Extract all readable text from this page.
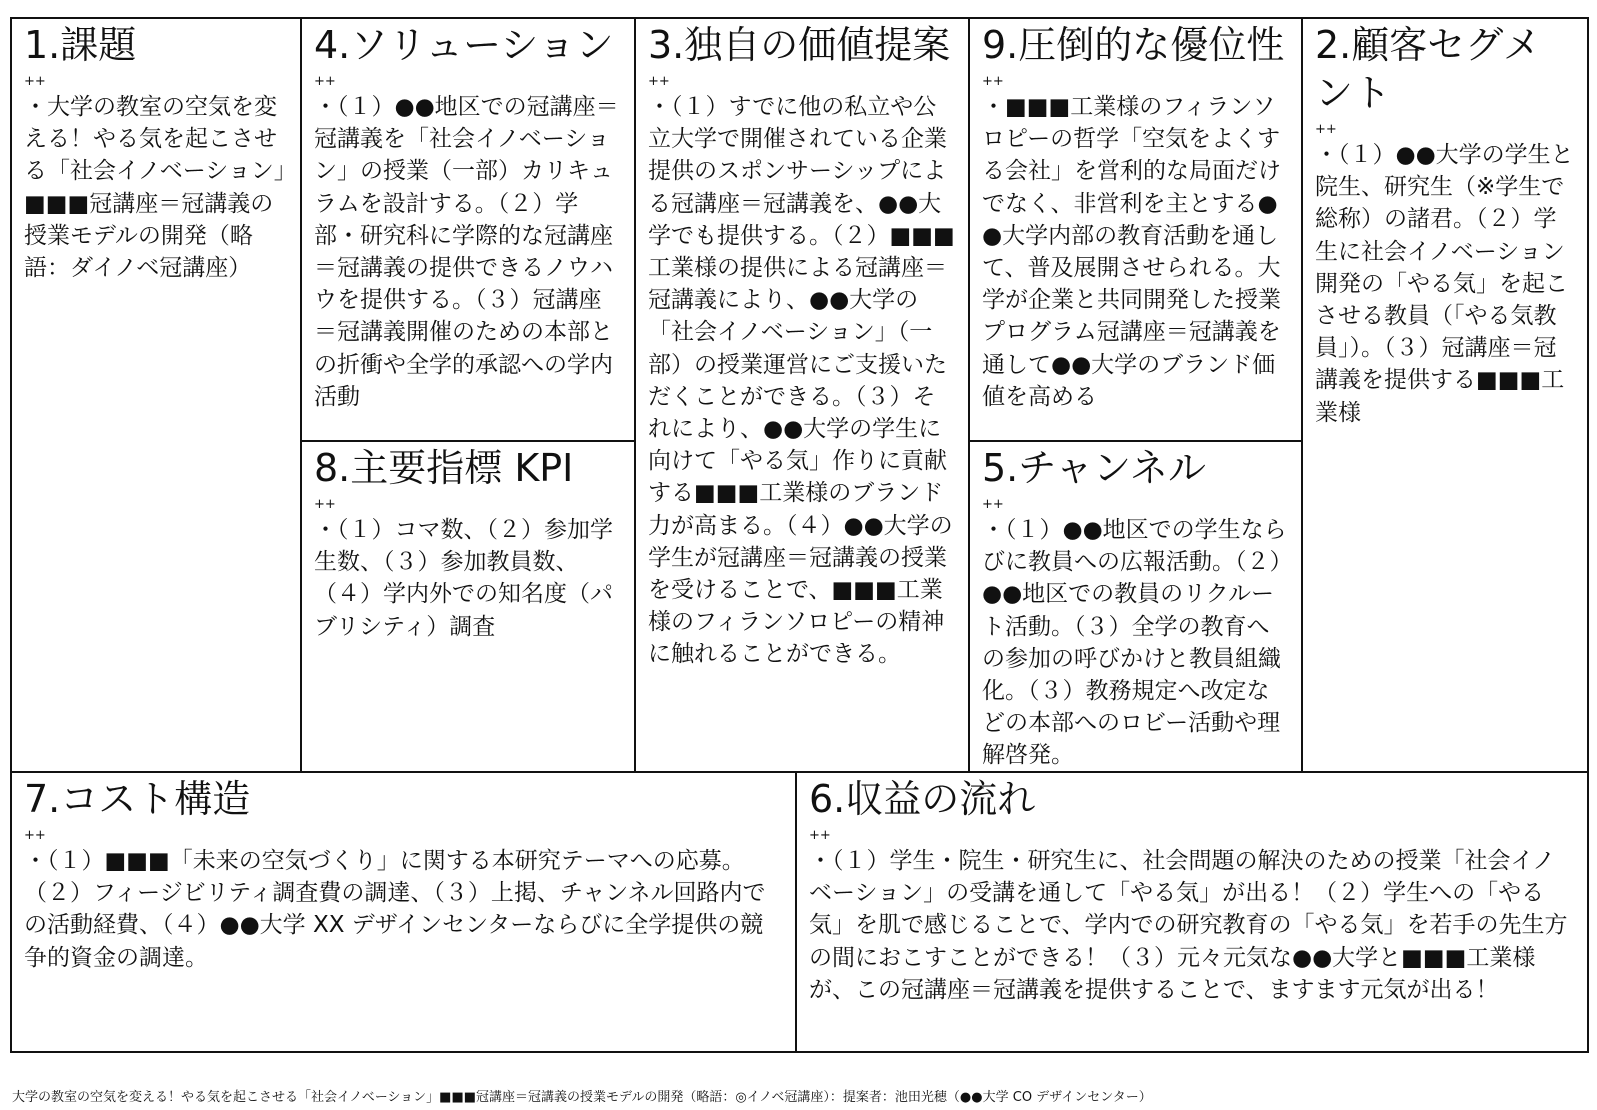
1.課題
++
・大学の教室の空気を変える！やる気を起こさせる「社会イノベーション」■■■冠講座＝冠講義の授業モデルの開発（略語：ダイノベ冠講座）
4.ソリューション
++
・（１）●●地区での冠講座＝冠講義を「社会イノベーション」の授業（一部）カリキュラムを設計する。（２）学部・研究科に学際的な冠講座＝冠講義の提供できるノウハウを提供する。（３）冠講座＝冠講義開催のための本部との折衝や全学的承認への学内活動
8.主要指標 KPI
++
・（１）コマ数、（２）参加学生数、（３）参加教員数、（４）学内外での知名度（パブリシティ）調査
3.独自の価値提案
++
・（１）すでに他の私立や公立大学で開催されている企業提供のスポンサーシップによる冠講座＝冠講義を、●●大学でも提供する。（２）■■■工業様の提供による冠講座＝冠講義により、●●大学の「社会イノベーション」（一部）の授業運営にご支援いただくことができる。（３）それにより、●●大学の学生に向けて「やる気」作りに貢献する■■■工業様のブランド力が高まる。（４）●●大学の学生が冠講座＝冠講義の授業を受けることで、■■■工業様のフィランソロピーの精神に触れることができる。
9.圧倒的な優位性
++
・■■■工業様のフィランソロピーの哲学「空気をよくする会社」を営利的な局面だけでなく、非営利を主とする●●大学内部の教育活動を通して、普及展開させられる。大学が企業と共同開発した授業プログラム冠講座＝冠講義を通して●●大学のブランド価値を高める
5.チャンネル
++
・（１）●●地区での学生ならびに教員への広報活動。（２）●●地区での教員のリクルート活動。（３）全学の教育への参加の呼びかけと教員組織化。（３）教務規定へ改定などの本部へのロビー活動や理解啓発。
2.顧客セグメント
++
・（１）●●大学の学生と院生、研究生（※学生で総称）の諸君。（２）学生に社会イノベーション開発の「やる気」を起こさせる教員（「やる気教員」）。（３）冠講座＝冠講義を提供する■■■工業様
7.コスト構造
++
・（１）■■■「未来の空気づくり」に関する本研究テーマへの応募。（２）フィージビリティ調査費の調達、（３）上掲、チャンネル回路内での活動経費、（４）●●大学 XX デザインセンターならびに全学提供の競争的資金の調達。
6.収益の流れ
++
・（１）学生・院生・研究生に、社会問題の解決のための授業「社会イノベーション」の受講を通して「やる気」が出る！（２）学生への「やる気」を肌で感じることで、学内での研究教育の「やる気」を若手の先生方の間におこすことができる！（３）元々元気な●●大学と■■■工業様が、この冠講座＝冠講義を提供することで、ますます元気が出る！
大学の教室の空気を変える！やる気を起こさせる「社会イノベーション」■■■冠講座＝冠講義の授業モデルの開発（略語：◎イノベ冠講座）：提案者：池田光穂（●●大学 CO デザインセンター）
